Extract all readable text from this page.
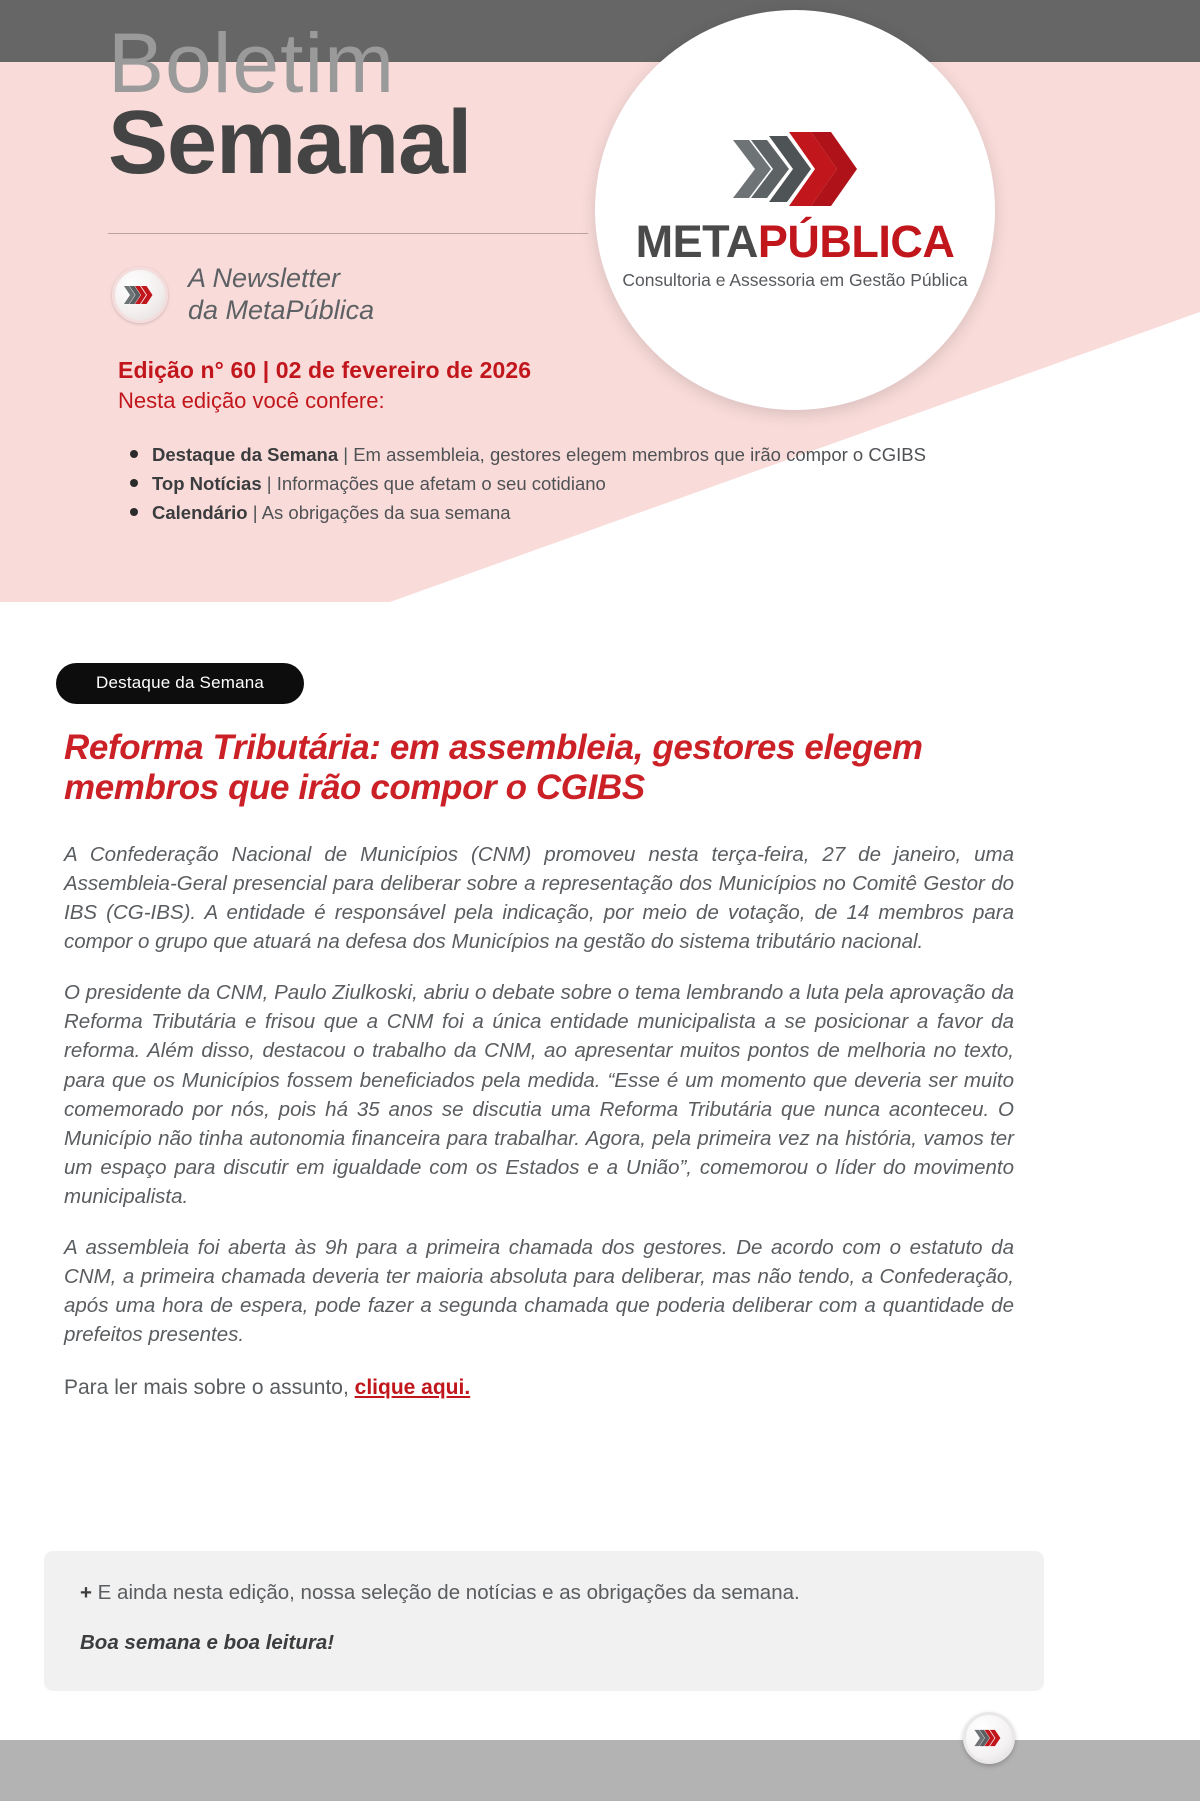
Boletim
Semanal
A Newsletter
da MetaPública
METAPÚBLICA
Consultoria e Assessoria em Gestão Pública
Edição n° 60 | 02 de fevereiro de 2026
Nesta edição você confere:
Destaque da Semana | Em assembleia, gestores elegem membros que irão compor o CGIBS
Top Notícias | Informações que afetam o seu cotidiano
Calendário | As obrigações da sua semana
Destaque da Semana
Reforma Tributária: em assembleia, gestores elegem membros que irão compor o CGIBS

A Confederação Nacional de Municípios (CNM) promoveu nesta terça-feira, 27 de janeiro, uma Assembleia-Geral presencial para deliberar sobre a representação dos Municípios no Comitê Gestor do IBS (CG-IBS). A entidade é responsável pela indicação, por meio de votação, de 14 membros para compor o grupo que atuará na defesa dos Municípios na gestão do sistema tributário nacional.

O presidente da CNM, Paulo Ziulkoski, abriu o debate sobre o tema lembrando a luta pela aprovação da Reforma Tributária e frisou que a CNM foi a única entidade municipalista a se posicionar a favor da reforma. Além disso, destacou o trabalho da CNM, ao apresentar muitos pontos de melhoria no texto, para que os Municípios fossem beneficiados pela medida. “Esse é um momento que deveria ser muito comemorado por nós, pois há 35 anos se discutia uma Reforma Tributária que nunca aconteceu. O Município não tinha autonomia financeira para trabalhar. Agora, pela primeira vez na história, vamos ter um espaço para discutir em igualdade com os Estados e a União”, comemorou o líder do movimento municipalista.

A assembleia foi aberta às 9h para a primeira chamada dos gestores. De acordo com o estatuto da CNM, a primeira chamada deveria ter maioria absoluta para deliberar, mas não tendo, a Confederação, após uma hora de espera, pode fazer a segunda chamada que poderia deliberar com a quantidade de prefeitos presentes.

Para ler mais sobre o assunto, clique aqui.
+ E ainda nesta edição, nossa seleção de notícias e as obrigações da semana.
Boa semana e boa leitura!
